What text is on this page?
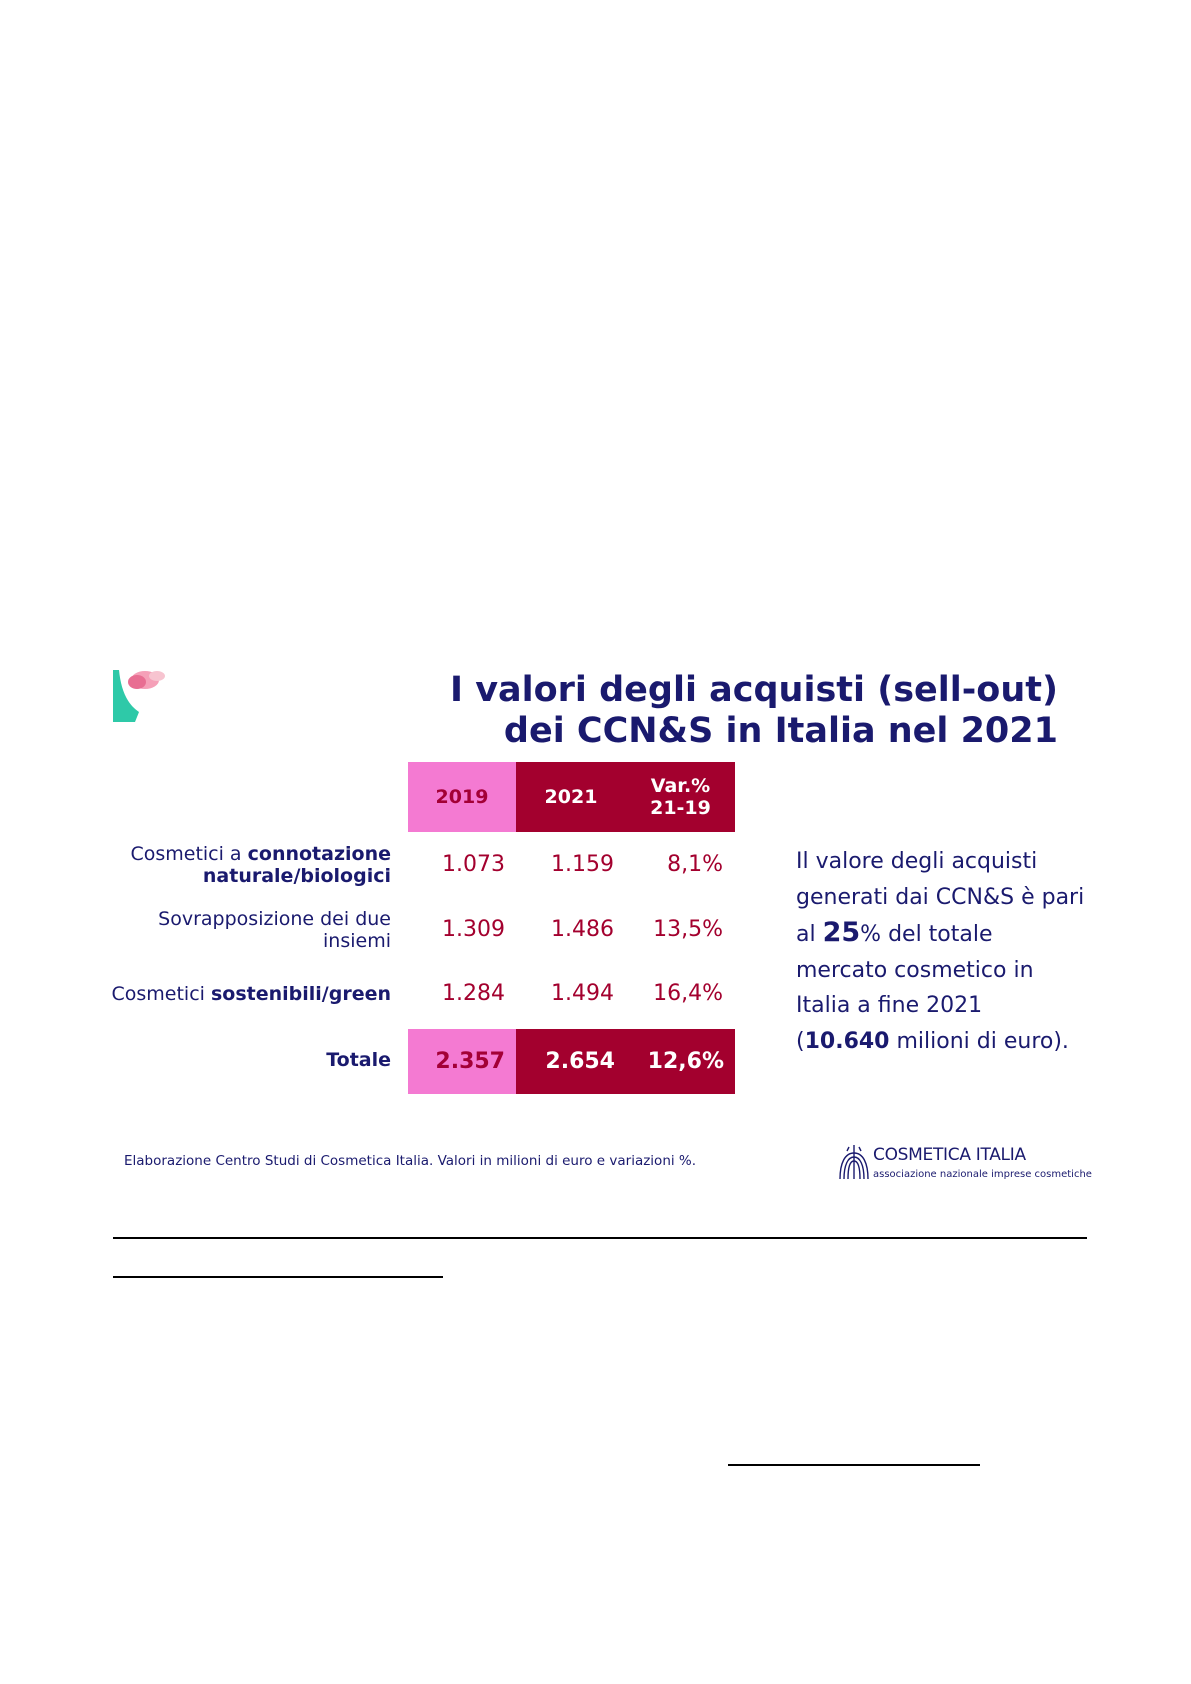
I valori degli acquisti (sell-out)
dei CCN&S in Italia nel 2021
2019	2021	Var.%
21-19
Cosmetici a connotazione
naturale/biologici	1.073	1.159	8,1%
Sovrapposizione dei due
insiemi	1.309	1.486	13,5%
Cosmetici sostenibili/green	1.284	1.494	16,4%
Totale	2.357	2.654	12,6%
Il valore degli acquisti
generati dai CCN&S è pari
al 25% del totale
mercato cosmetico in
Italia a fine 2021
(10.640 milioni di euro).
Elaborazione Centro Studi di Cosmetica Italia. Valori in milioni di euro e variazioni %.	COSMETICA ITALIA
associazione nazionale imprese cosmetiche
